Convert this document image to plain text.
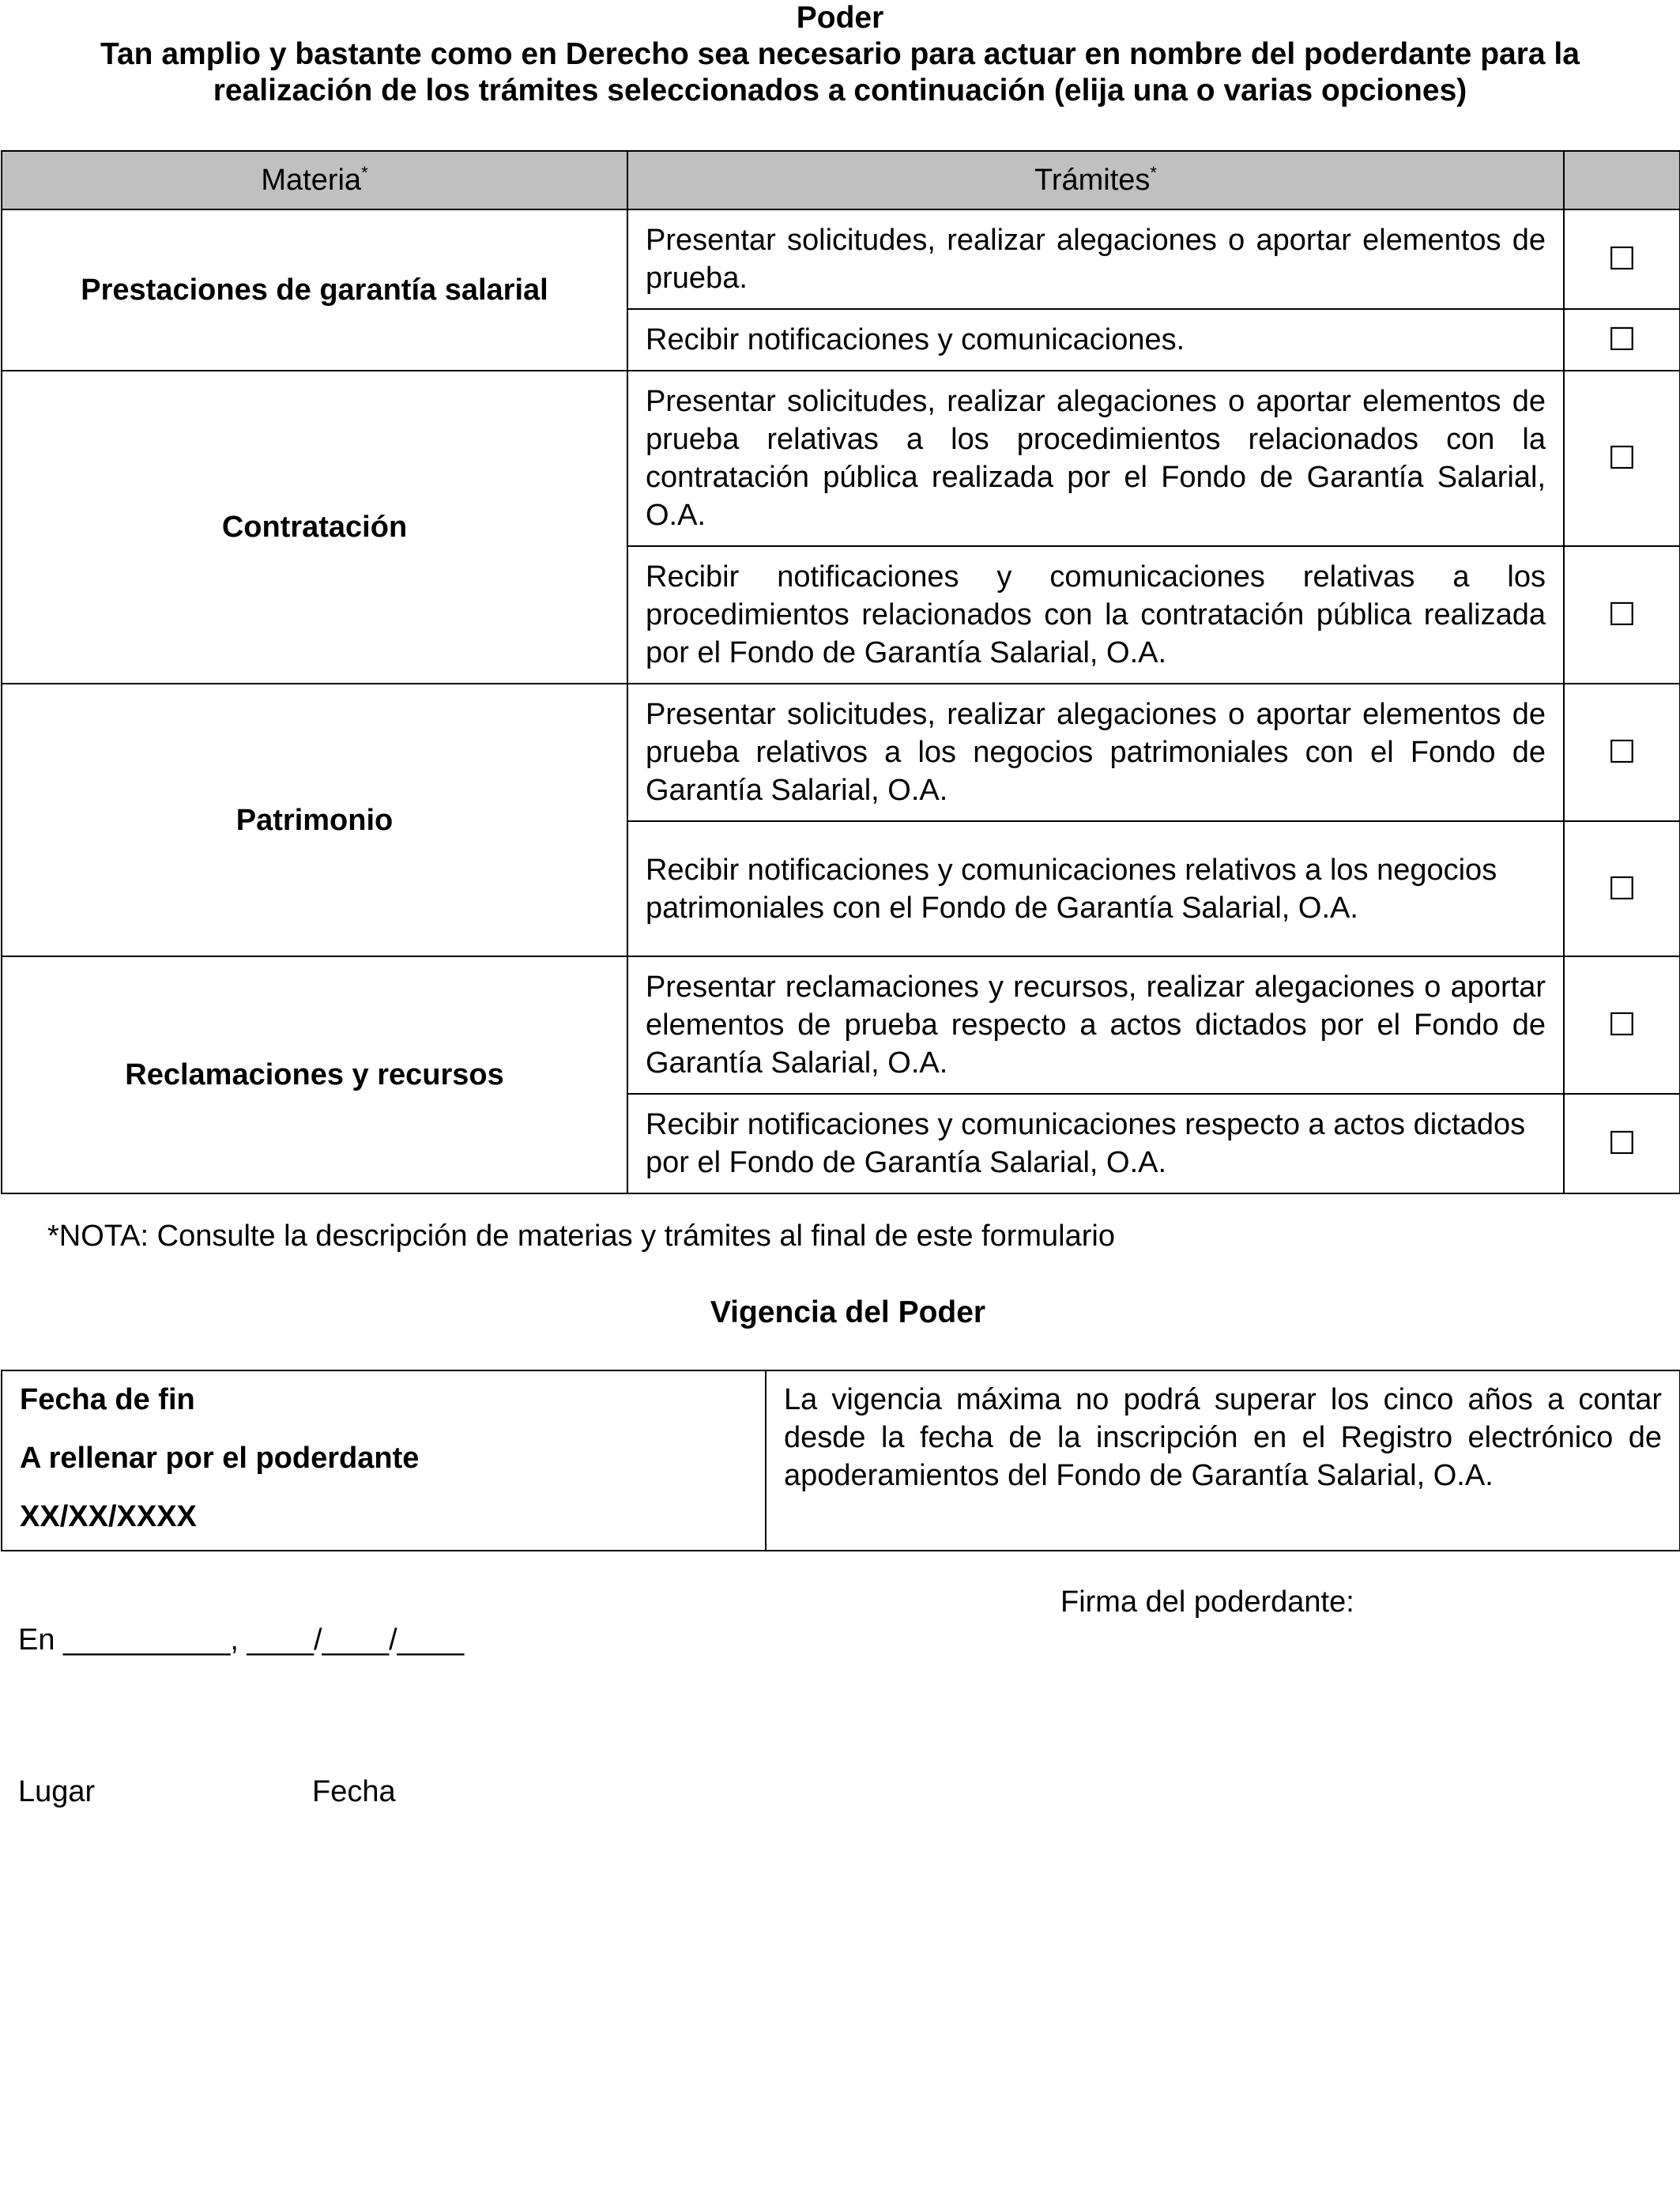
Poder
Tan amplio y bastante como en Derecho sea necesario para actuar en nombre del poderdante para la realización de los trámites seleccionados a continuación (elija una o varias opciones)
Materia*	Trámites*	
Prestaciones de garantía salarial	Presentar solicitudes, realizar alegaciones o aportar elementos de prueba.	☐
	Recibir notificaciones y comunicaciones.	☐
Contratación	Presentar solicitudes, realizar alegaciones o aportar elementos de prueba relativas a los procedimientos relacionados con la contratación pública realizada por el Fondo de Garantía Salarial, O.A.	☐
	Recibir notificaciones y comunicaciones relativas a los procedimientos relacionados con la contratación pública realizada por el Fondo de Garantía Salarial, O.A.	☐
Patrimonio	Presentar solicitudes, realizar alegaciones o aportar elementos de prueba relativos a los negocios patrimoniales con el Fondo de Garantía Salarial, O.A.	☐
	Recibir notificaciones y comunicaciones relativos a los negocios patrimoniales con el Fondo de Garantía Salarial, O.A.	☐
Reclamaciones y recursos	Presentar reclamaciones y recursos, realizar alegaciones o aportar elementos de prueba respecto a actos dictados por el Fondo de Garantía Salarial, O.A.	☐
	Recibir notificaciones y comunicaciones respecto a actos dictados por el Fondo de Garantía Salarial, O.A.	☐
*NOTA: Consulte la descripción de materias y trámites al final de este formulario
Vigencia del Poder
Fecha de fin
A rellenar por el poderdante
XX/XX/XXXX
	La vigencia máxima no podrá superar los cinco años a contar desde la fecha de la inscripción en el Registro electrónico de apoderamientos del Fondo de Garantía Salarial, O.A.
Firma del poderdante:
En __________, ____/____/____
Lugar	Fecha
